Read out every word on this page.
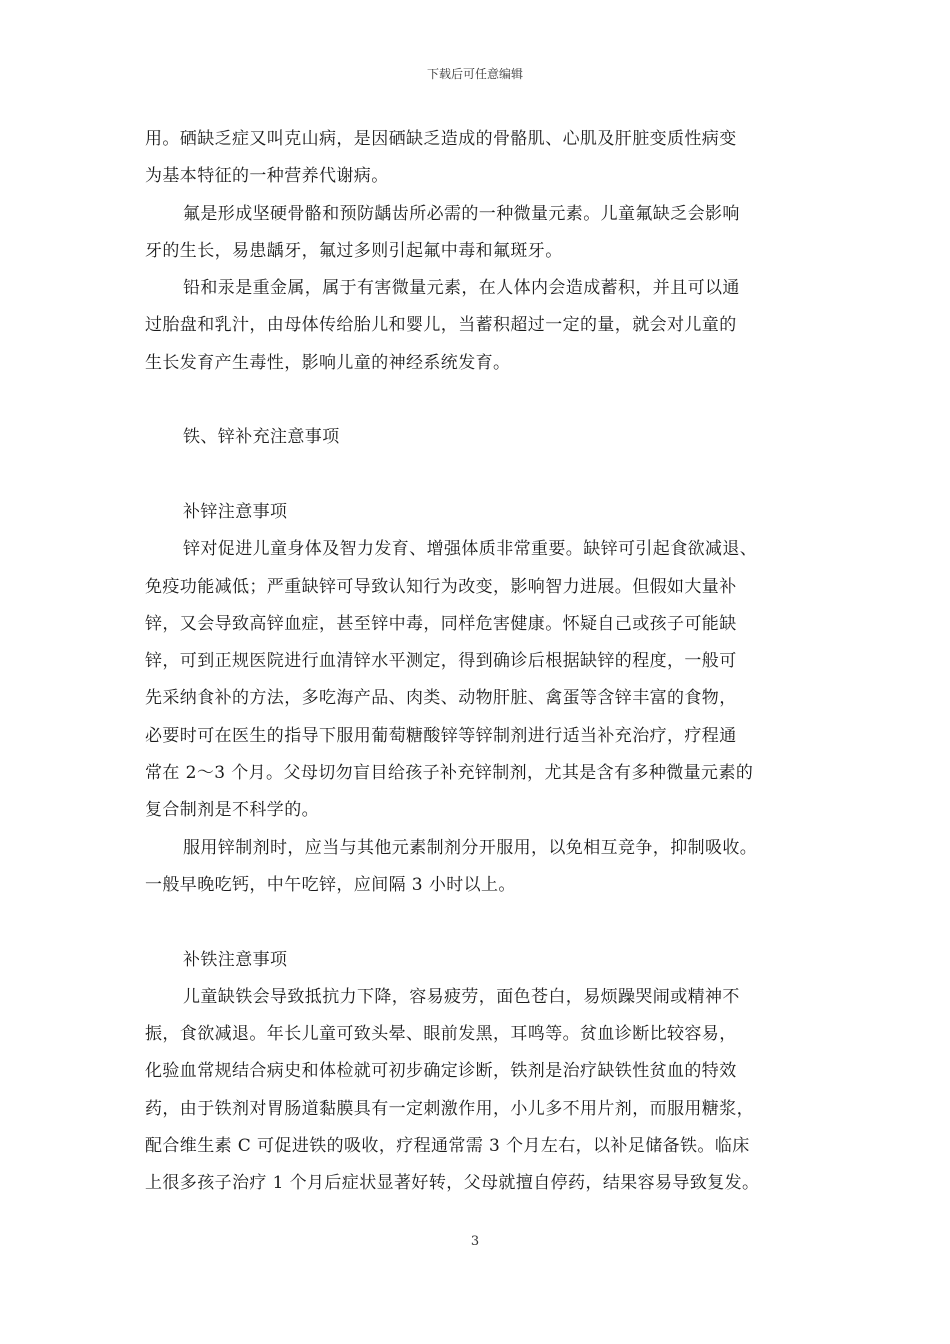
下载后可任意编辑
用。硒缺乏症又叫克山病，是因硒缺乏造成的骨骼肌、心肌及肝脏变质性病变
为基本特征的一种营养代谢病。
氟是形成坚硬骨骼和预防龋齿所必需的一种微量元素。儿童氟缺乏会影响
牙的生长，易患龋牙，氟过多则引起氟中毒和氟斑牙。
铅和汞是重金属，属于有害微量元素，在人体内会造成蓄积，并且可以通
过胎盘和乳汁，由母体传给胎儿和婴儿，当蓄积超过一定的量，就会对儿童的
生长发育产生毒性，影响儿童的神经系统发育。
铁、锌补充注意事项
补锌注意事项
锌对促进儿童身体及智力发育、增强体质非常重要。缺锌可引起食欲减退、
免疫功能减低；严重缺锌可导致认知行为改变，影响智力进展。但假如大量补
锌，又会导致高锌血症，甚至锌中毒，同样危害健康。怀疑自己或孩子可能缺
锌，可到正规医院进行血清锌水平测定，得到确诊后根据缺锌的程度，一般可
先采纳食补的方法，多吃海产品、肉类、动物肝脏、禽蛋等含锌丰富的食物，
必要时可在医生的指导下服用葡萄糖酸锌等锌制剂进行适当补充治疗，疗程通
常在 2～3 个月。父母切勿盲目给孩子补充锌制剂，尤其是含有多种微量元素的
复合制剂是不科学的。
服用锌制剂时，应当与其他元素制剂分开服用，以免相互竞争，抑制吸收。
一般早晚吃钙，中午吃锌，应间隔 3 小时以上。
补铁注意事项
儿童缺铁会导致抵抗力下降，容易疲劳，面色苍白，易烦躁哭闹或精神不
振，食欲减退。年长儿童可致头晕、眼前发黑，耳鸣等。贫血诊断比较容易，
化验血常规结合病史和体检就可初步确定诊断，铁剂是治疗缺铁性贫血的特效
药，由于铁剂对胃肠道黏膜具有一定刺激作用，小儿多不用片剂，而服用糖浆，
配合维生素 C 可促进铁的吸收，疗程通常需 3 个月左右，以补足储备铁。临床
上很多孩子治疗 1 个月后症状显著好转，父母就擅自停药，结果容易导致复发。
3
